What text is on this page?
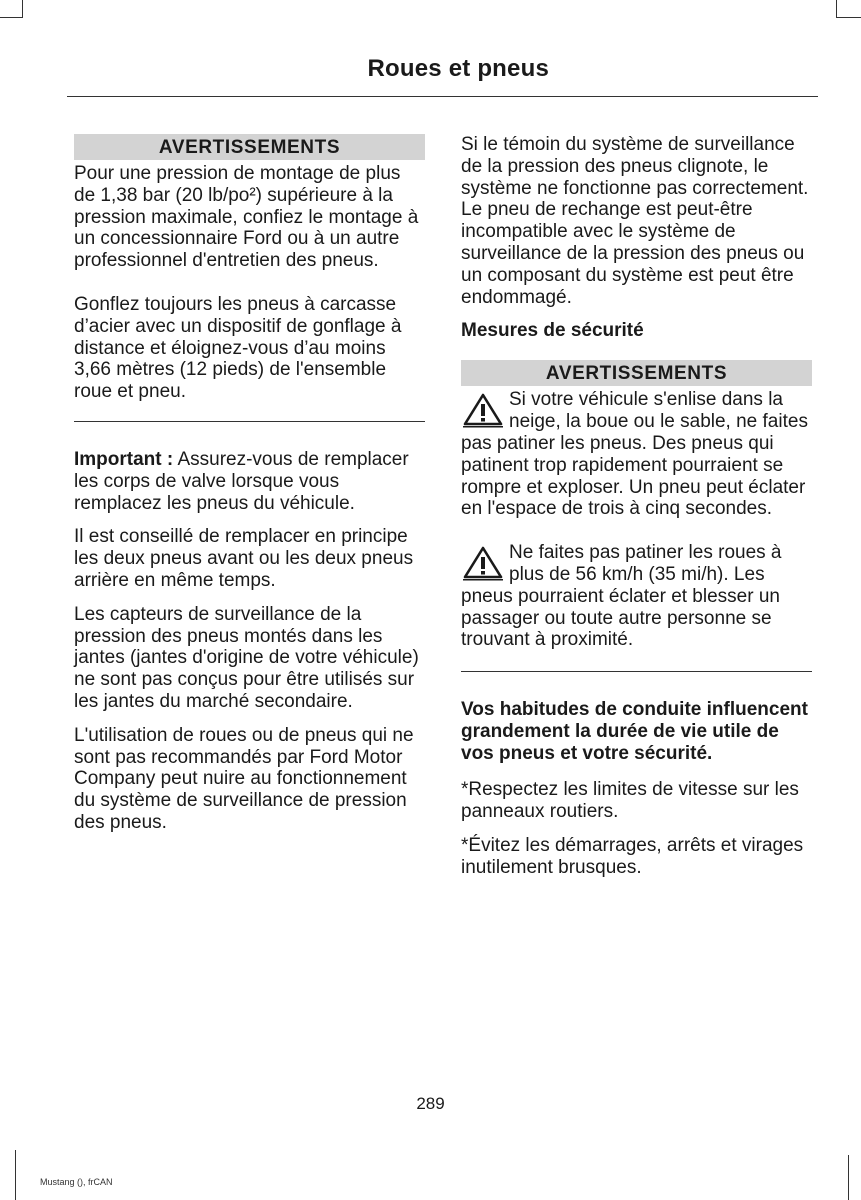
Roues et pneus
AVERTISSEMENTS

Pour une pression de montage de plus de 1,38 bar (20 lb/po²) supérieure à la pression maximale, confiez le montage à un concessionnaire Ford ou à un autre professionnel d'entretien des pneus.

Gonflez toujours les pneus à carcasse d’acier avec un dispositif de gonflage à distance et éloignez-vous d’au moins 3,66 mètres (12 pieds) de l'ensemble roue et pneu.

Important : Assurez-vous de remplacer les corps de valve lorsque vous remplacez les pneus du véhicule.

Il est conseillé de remplacer en principe les deux pneus avant ou les deux pneus arrière en même temps.

Les capteurs de surveillance de la pression des pneus montés dans les jantes (jantes d'origine de votre véhicule) ne sont pas conçus pour être utilisés sur les jantes du marché secondaire.

L'utilisation de roues ou de pneus qui ne sont pas recommandés par Ford Motor Company peut nuire au fonctionnement du système de surveillance de pression des pneus.

Si le témoin du système de surveillance de la pression des pneus clignote, le système ne fonctionne pas correctement. Le pneu de rechange est peut-être incompatible avec le système de surveillance de la pression des pneus ou un composant du système est peut être endommagé.

Mesures de sécurité
AVERTISSEMENTS

Si votre véhicule s'enlise dans la neige, la boue ou le sable, ne faites pas patiner les pneus. Des pneus qui patinent trop rapidement pourraient se rompre et exploser. Un pneu peut éclater en l'espace de trois à cinq secondes.

Ne faites pas patiner les roues à plus de 56 km/h (35 mi/h). Les pneus pourraient éclater et blesser un passager ou toute autre personne se trouvant à proximité.

Vos habitudes de conduite influencent grandement la durée de vie utile de vos pneus et votre sécurité.

*Respectez les limites de vitesse sur les panneaux routiers.

*Évitez les démarrages, arrêts et virages inutilement brusques.

289
Mustang (), frCAN
